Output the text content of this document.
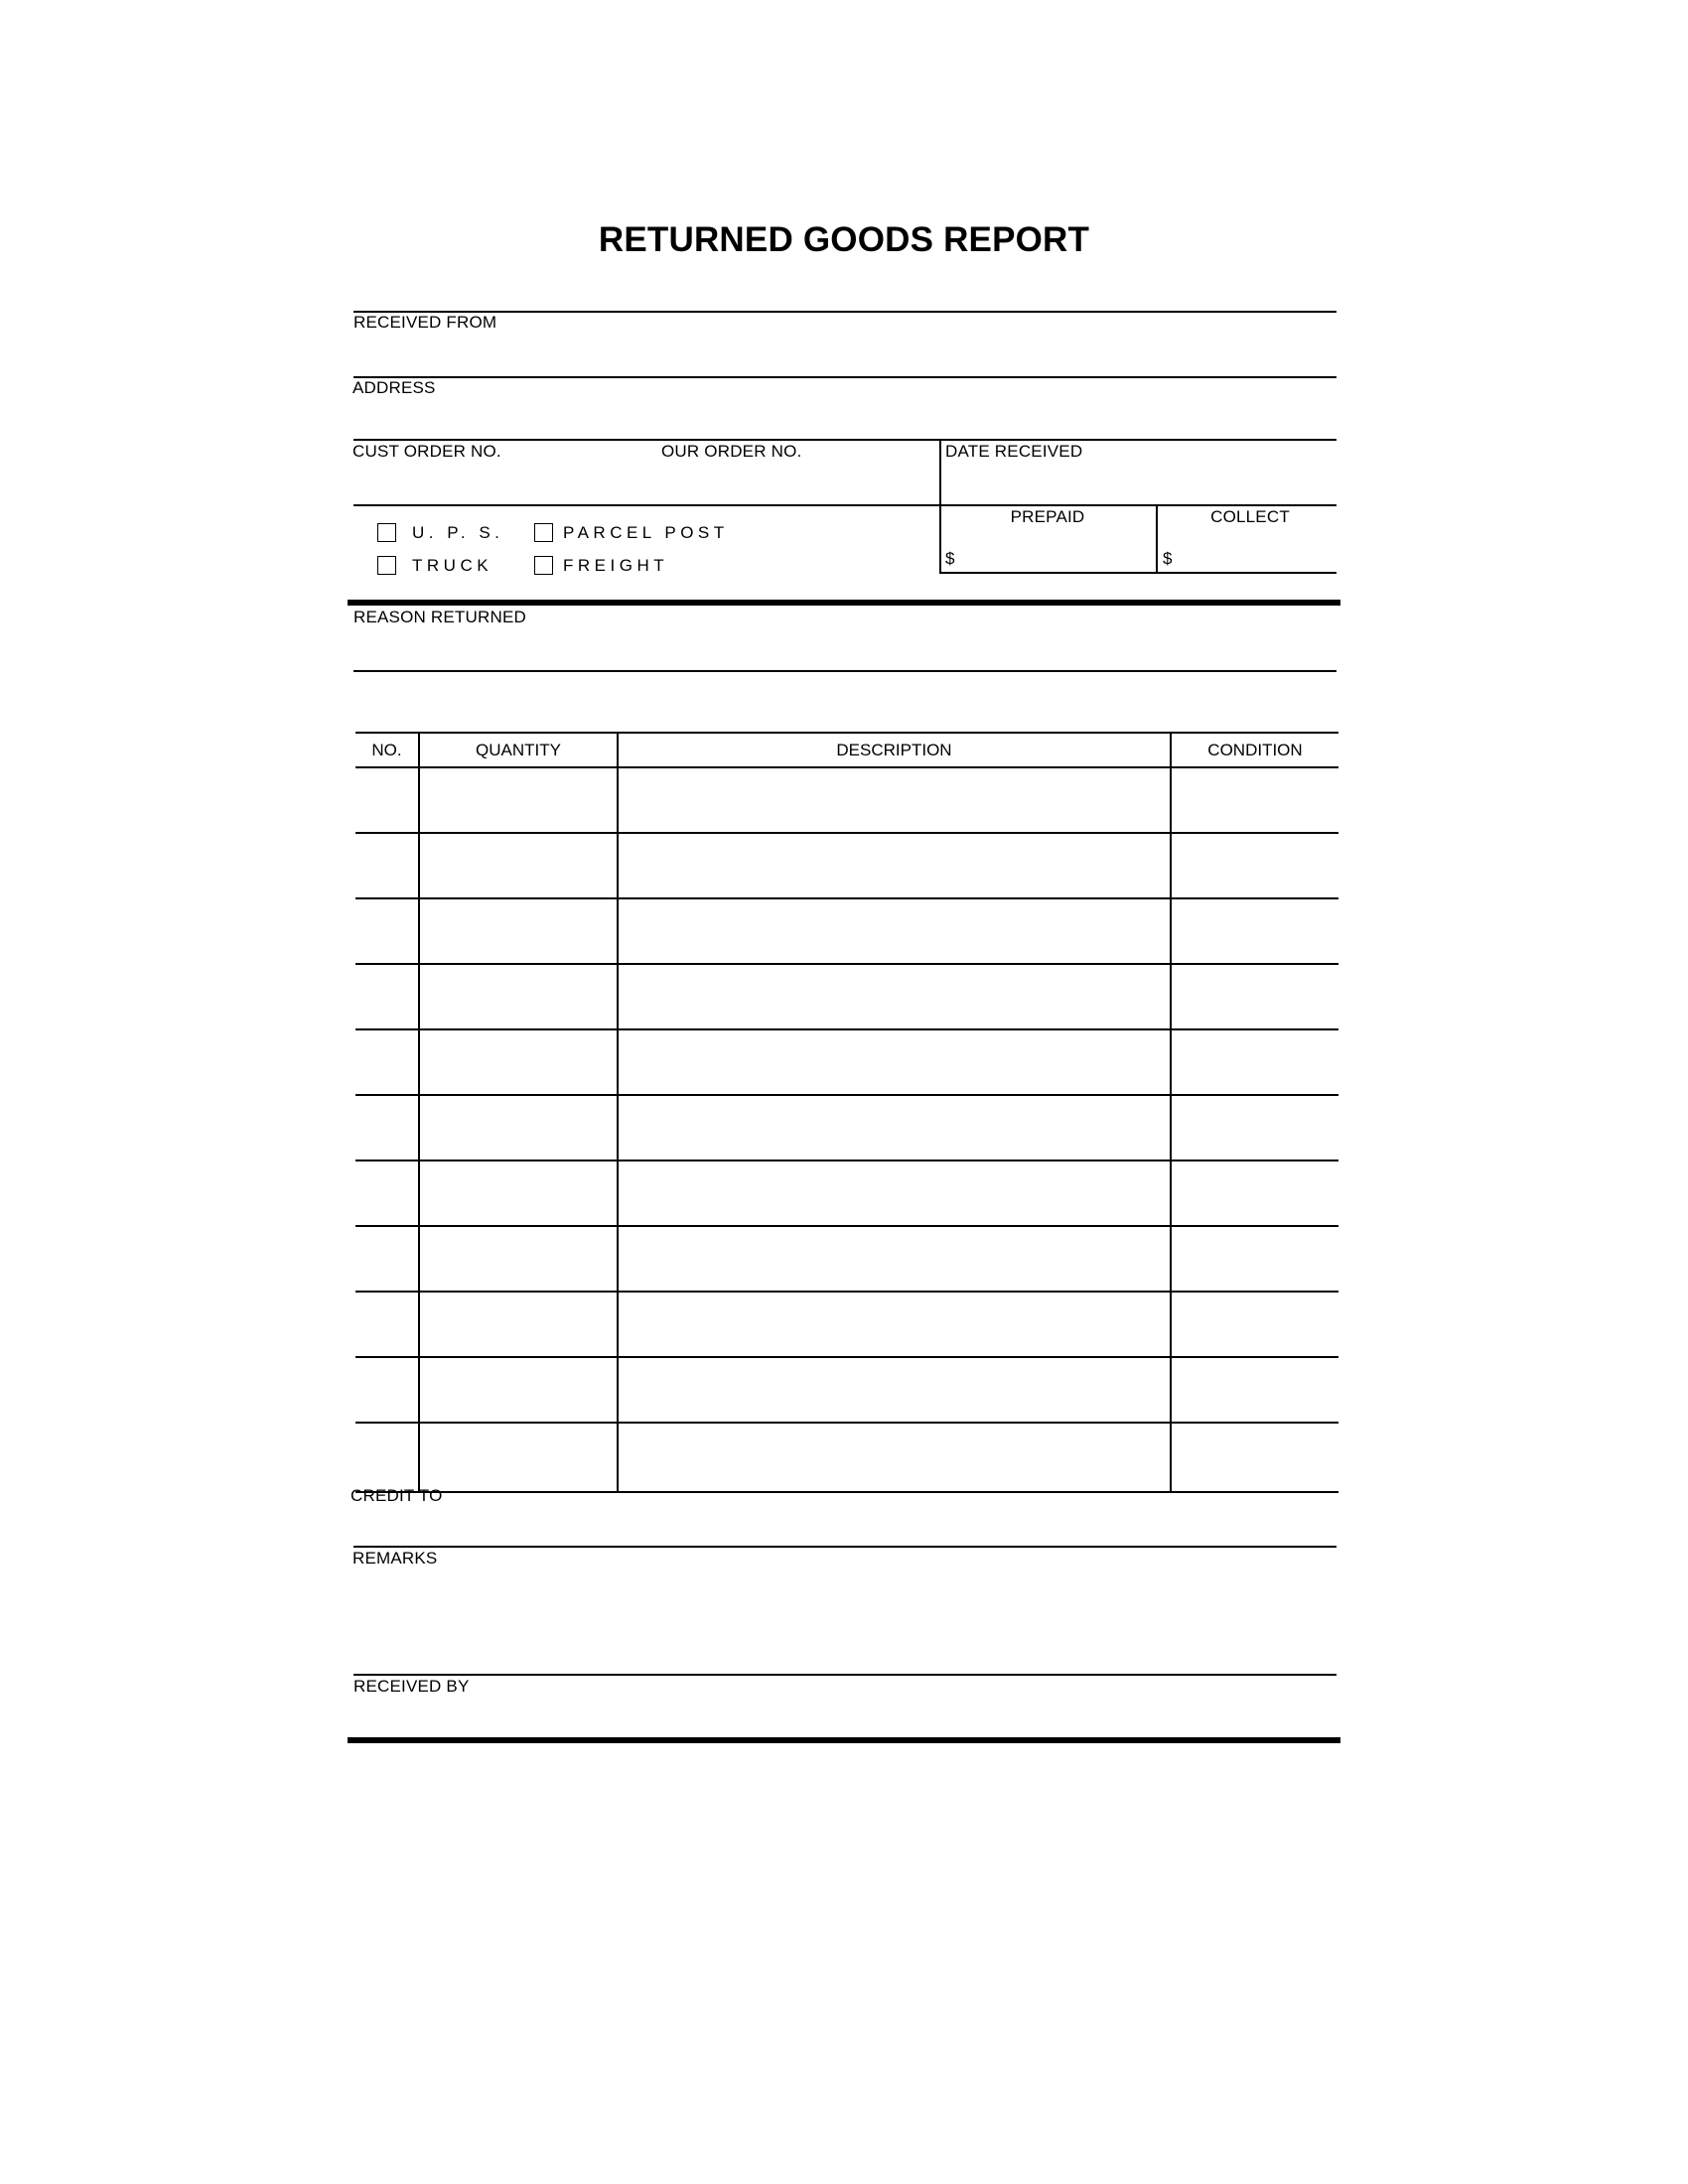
RETURNED GOODS REPORT
RECEIVED FROM
ADDRESS
CUST ORDER NO.	OUR ORDER NO.	DATE RECEIVED
U. P. S.	PARCEL POST
TRUCK	FREIGHT
PREPAID
$
COLLECT
$
REASON RETURNED
NO.	QUANTITY	DESCRIPTION	CONDITION

CREDIT TO
REMARKS
RECEIVED BY
